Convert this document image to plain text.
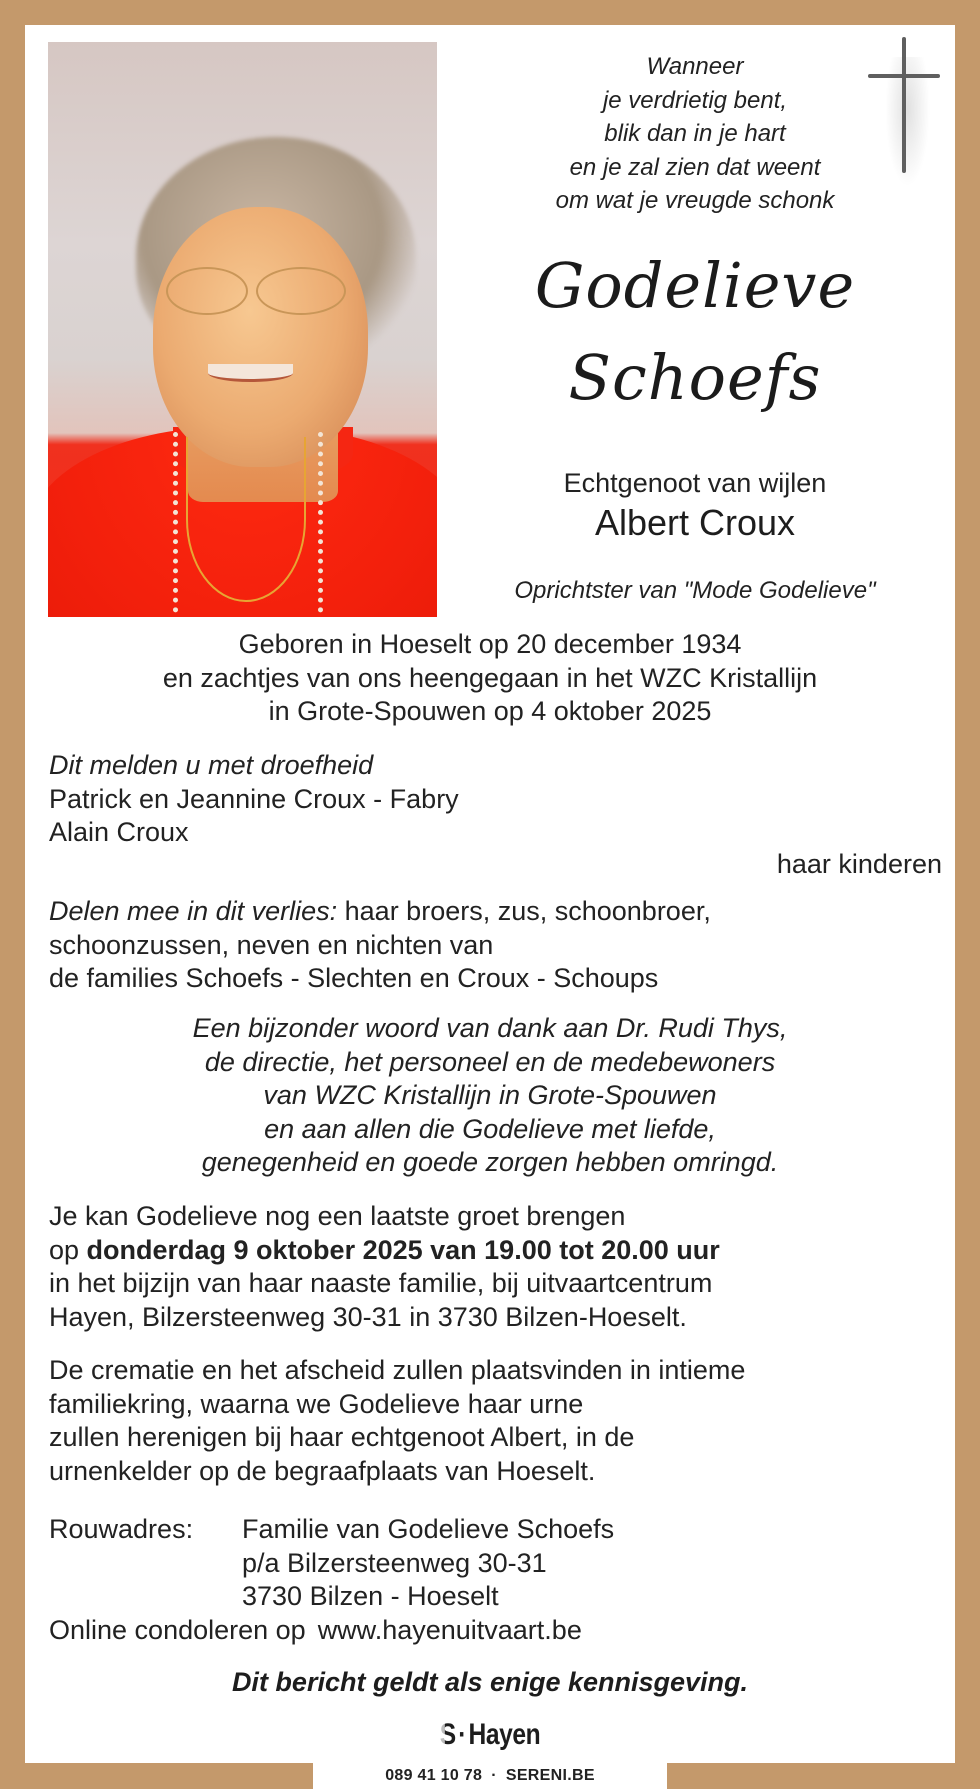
Wanneer
je verdrietig bent,
blik dan in je hart
en je zal zien dat weent
om wat je vreugde schonk
Godelieve
Schoefs
Echtgenoot van wijlen
Albert Croux
Oprichtster van "Mode Godelieve"
Geboren in Hoeselt op 20 december 1934
en zachtjes van ons heengegaan in het WZC Kristallijn
in Grote-Spouwen op 4 oktober 2025
Dit melden u met droefheid
Patrick en Jeannine Croux - Fabry
Alain Croux
haar kinderen
Delen mee in dit verlies: haar broers, zus, schoonbroer,
schoonzussen, neven en nichten van
de families Schoefs - Slechten en Croux - Schoups
Een bijzonder woord van dank aan Dr. Rudi Thys,
de directie, het personeel en de medebewoners
van WZC Kristallijn in Grote-Spouwen
en aan allen die Godelieve met liefde,
genegenheid en goede zorgen hebben omringd.
Je kan Godelieve nog een laatste groet brengen
op donderdag 9 oktober 2025 van 19.00 tot 20.00 uur
in het bijzijn van haar naaste familie, bij uitvaartcentrum
Hayen, Bilzersteenweg 30-31 in 3730 Bilzen-Hoeselt.
De crematie en het afscheid zullen plaatsvinden in intieme
familiekring, waarna we Godelieve haar urne
zullen herenigen bij haar echtgenoot Albert, in de
urnenkelder op de begraafplaats van Hoeselt.
Rouwadres:	Familie van Godelieve Schoefs
p/a Bilzersteenweg 30-31
3730 Bilzen - Hoeselt
Online condoleren op www.hayenuitvaart.be
Dit bericht geldt als enige kennisgeving.
S·Hayen
089 41 10 78 · SERENI.BE
